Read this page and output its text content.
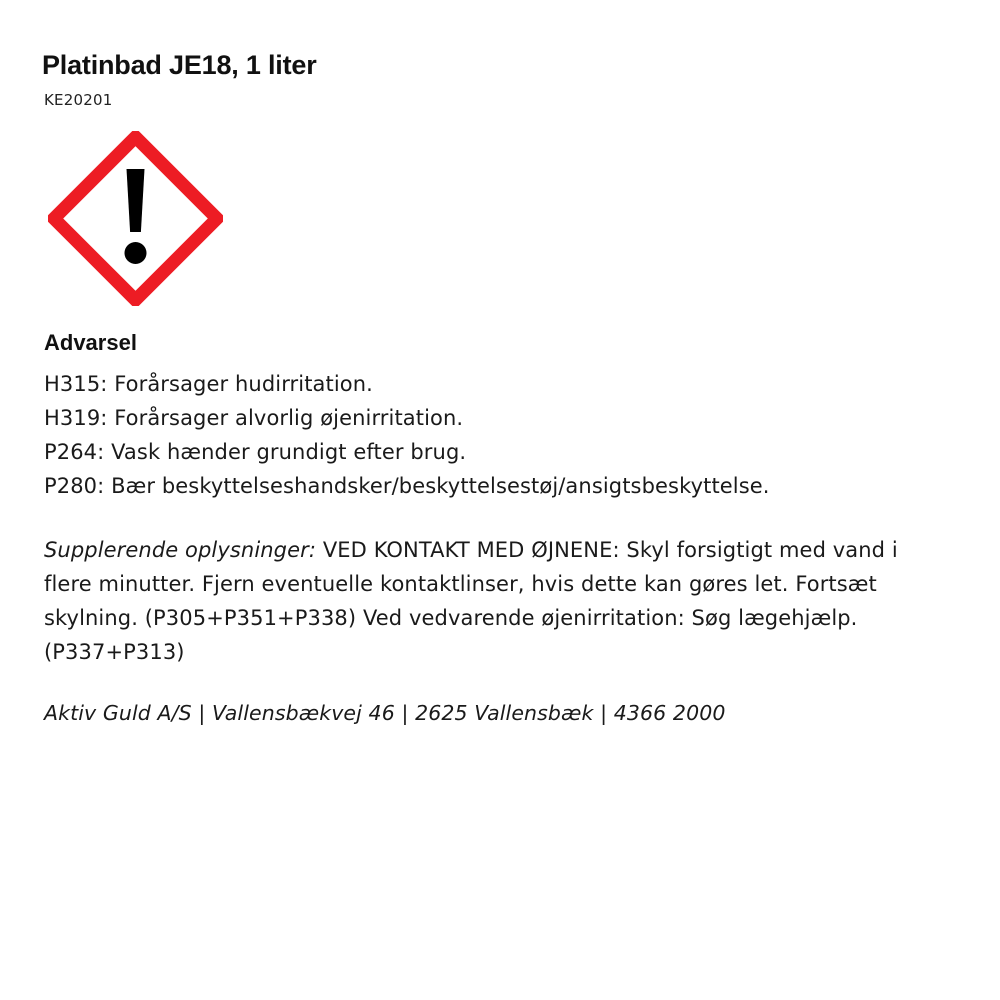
Platinbad JE18, 1 liter
KE20201
Advarsel
H315: Forårsager hudirritation.
H319: Forårsager alvorlig øjenirritation.
P264: Vask hænder grundigt efter brug.
P280: Bær beskyttelseshandsker/beskyttelsestøj/ansigtsbeskyttelse.

Supplerende oplysninger: VED KONTAKT MED ØJNENE: Skyl forsigtigt med vand i flere minutter. Fjern eventuelle kontaktlinser, hvis dette kan gøres let. Fortsæt skylning. (P305+P351+P338) Ved vedvarende øjenirritation: Søg lægehjælp. (P337+P313)

Aktiv Guld A/S | Vallensbækvej 46 | 2625 Vallensbæk | 4366 2000
